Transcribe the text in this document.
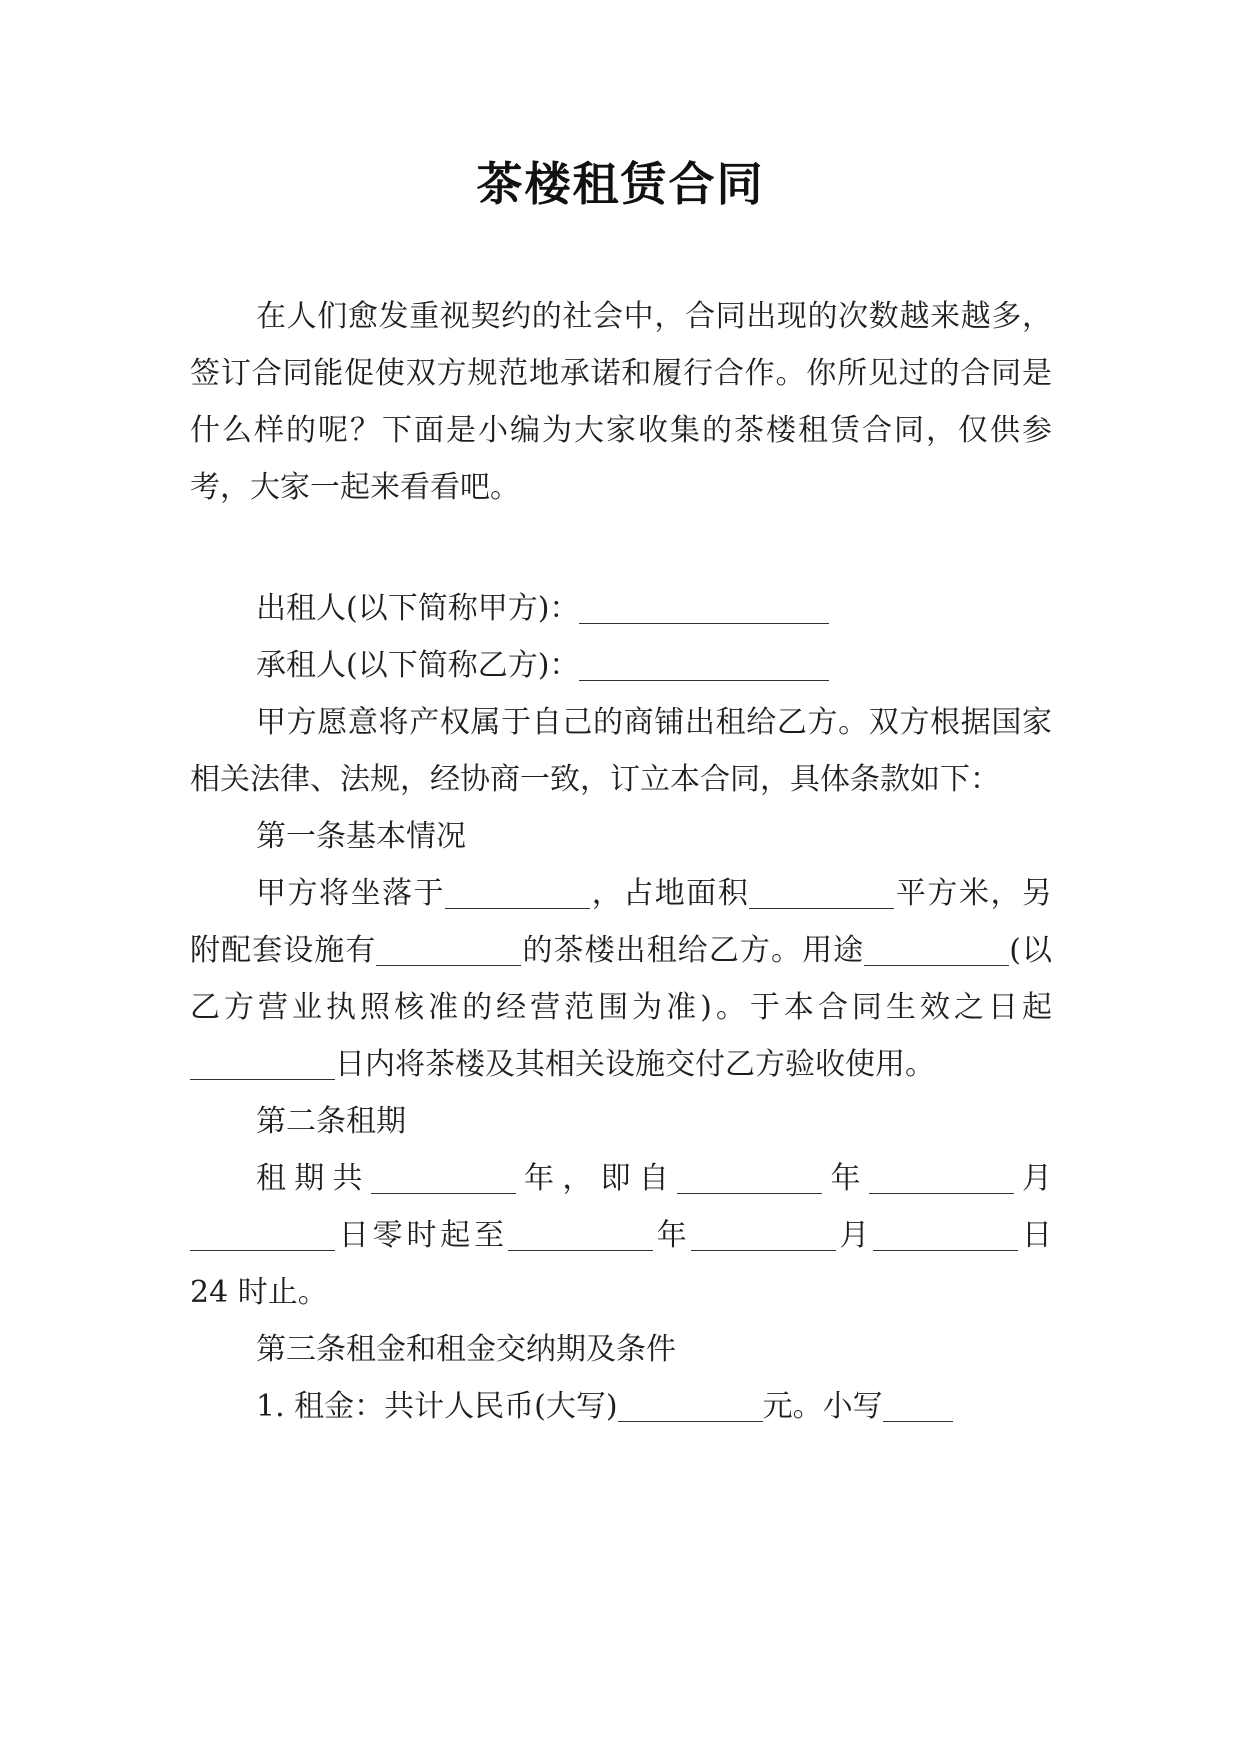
茶楼租赁合同

在人们愈发重视契约的社会中，合同出现的次数越来越多，签订合同能促使双方规范地承诺和履行合作。你所见过的合同是什么样的呢？下面是小编为大家收集的茶楼租赁合同，仅供参考，大家一起来看看吧。

出租人(以下简称甲方)：

承租人(以下简称乙方)：

甲方愿意将产权属于自己的商铺出租给乙方。双方根据国家相关法律、法规，经协商一致，订立本合同，具体条款如下：

第一条基本情况

甲方将坐落于	，占地面积	平方米，另附配套设施有	的茶楼出租给乙方。用途	(以乙方营业执照核准的经营范围为准)。于本合同生效之日起日内将茶楼及其相关设施交付乙方验收使用。

第二条租期

租期共	年，即自	年	月日零时起至	年	月	日 24 时止。

第三条租金和租金交纳期及条件

1. 租金：共计人民币(大写)	元。小写
